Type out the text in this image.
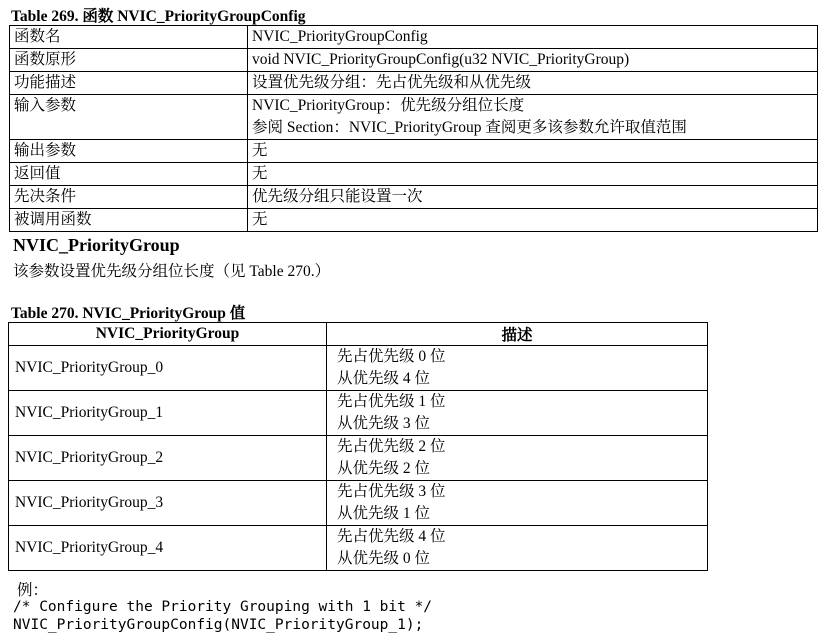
Table 269. 函数 NVIC_PriorityGroupConfig
函数名	NVIC_PriorityGroupConfig
函数原形	void NVIC_PriorityGroupConfig(u32 NVIC_PriorityGroup)
功能描述	设置优先级分组：先占优先级和从优先级
输入参数	NVIC_PriorityGroup：优先级分组位长度
参阅 Section：NVIC_PriorityGroup 查阅更多该参数允许取值范围

输出参数	无
返回值	无
先决条件	优先级分组只能设置一次
被调用函数	无
NVIC_PriorityGroup
该参数设置优先级分组位长度（见 Table 270.）
Table 270. NVIC_PriorityGroup 值
NVIC_PriorityGroup	描述
NVIC_PriorityGroup_0	先占优先级 0 位
从优先级 4 位

NVIC_PriorityGroup_1	先占优先级 1 位
从优先级 3 位

NVIC_PriorityGroup_2	先占优先级 2 位
从优先级 2 位

NVIC_PriorityGroup_3	先占优先级 3 位
从优先级 1 位

NVIC_PriorityGroup_4	先占优先级 4 位
从优先级 0 位
例：
/* Configure the Priority Grouping with 1 bit */
NVIC_PriorityGroupConfig(NVIC_PriorityGroup_1);
